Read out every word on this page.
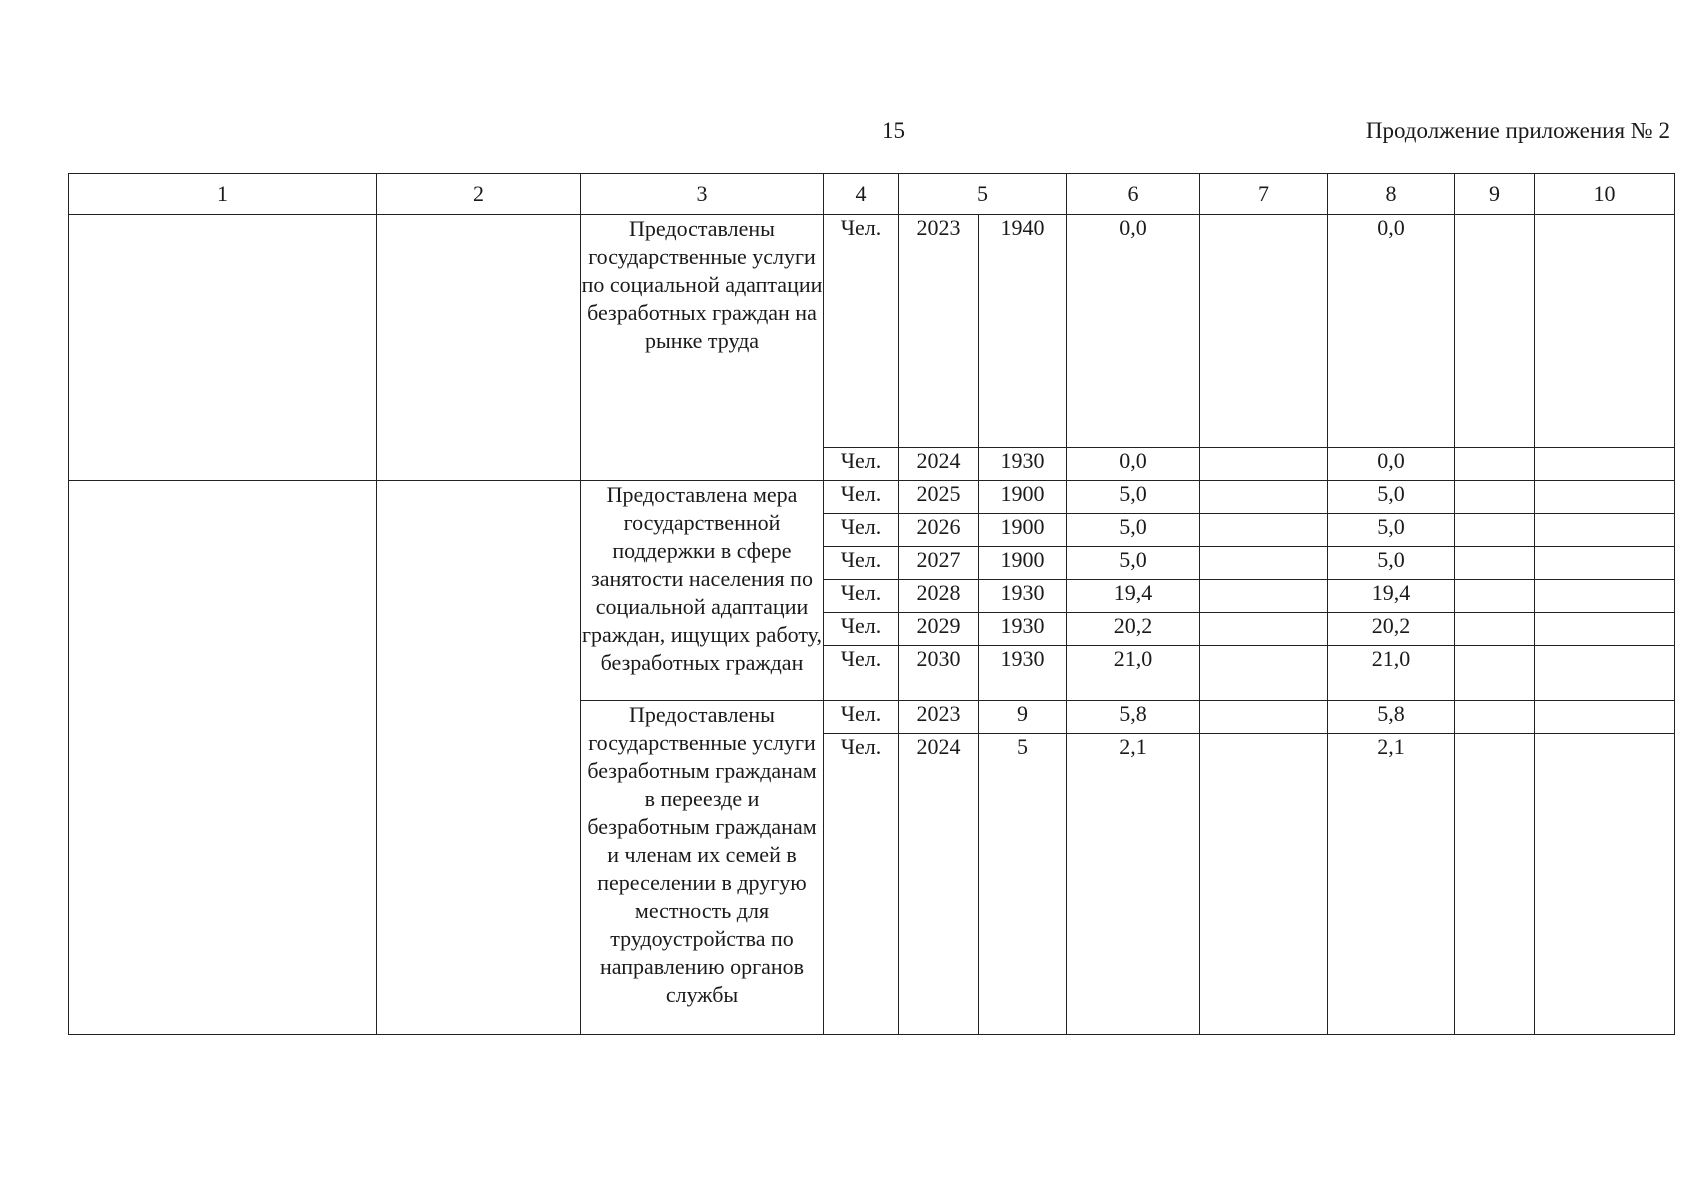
15	Продолжение приложения № 2
1	2	3	4	5		6	7	8	9	10
		Предоставлены государственные услуги по социальной адаптации безработных граждан на рынке труда	Чел.	2023	1940	0,0		0,0		
			Чел.	2024	1930	0,0		0,0		
		Предоставлена мера государственной поддержки в сфере занятости населения по социальной адаптации граждан, ищущих работу, безработных граждан	Чел.	2025	1900	5,0		5,0		
			Чел.	2026	1900	5,0		5,0		
			Чел.	2027	1900	5,0		5,0		
			Чел.	2028	1930	19,4		19,4		
			Чел.	2029	1930	20,2		20,2		
			Чел.	2030	1930	21,0		21,0		
		Предоставлены государственные услуги безработным гражданам в переезде и безработным гражданам и членам их семей в переселении в другую местность для трудоустройства по направлению органов службы	Чел.	2023	9	5,8		5,8		
			Чел.	2024	5	2,1		2,1		
